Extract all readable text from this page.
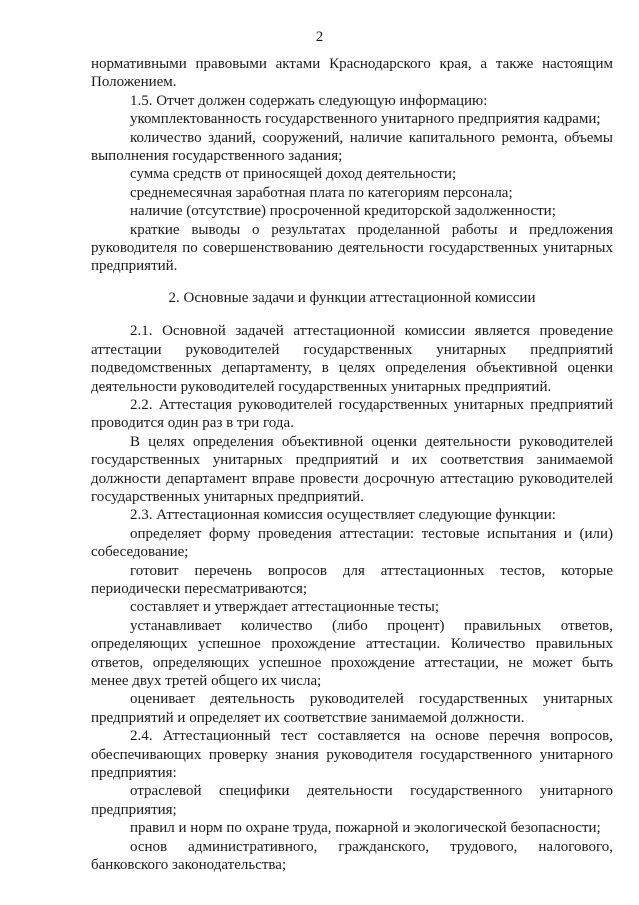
2

нормативными правовыми актами Краснодарского края, а также настоящим Положением.

1.5. Отчет должен содержать следующую информацию:

укомплектованность государственного унитарного предприятия кадрами;

количество зданий, сооружений, наличие капитального ремонта, объемы выполнения государственного задания;

сумма средств от приносящей доход деятельности;

среднемесячная заработная плата по категориям персонала;

наличие (отсутствие) просроченной кредиторской задолженности;

краткие выводы о результатах проделанной работы и предложения руководителя по совершенствованию деятельности государственных унитарных предприятий.

2. Основные задачи и функции аттестационной комиссии

2.1. Основной задачей аттестационной комиссии является проведение аттестации руководителей государственных унитарных предприятий подведомственных департаменту, в целях определения объективной оценки деятельности руководителей государственных унитарных предприятий.

2.2. Аттестация руководителей государственных унитарных предприятий проводится один раз в три года.

В целях определения объективной оценки деятельности руководителей государственных унитарных предприятий и их соответствия занимаемой должности департамент вправе провести досрочную аттестацию руководителей государственных унитарных предприятий.

2.3. Аттестационная комиссия осуществляет следующие функции:

определяет форму проведения аттестации: тестовые испытания и (или) собеседование;

готовит перечень вопросов для аттестационных тестов, которые периодически пересматриваются;

составляет и утверждает аттестационные тесты;

устанавливает количество (либо процент) правильных ответов, определяющих успешное прохождение аттестации. Количество правильных ответов, определяющих успешное прохождение аттестации, не может быть менее двух третей общего их числа;

оценивает деятельность руководителей государственных унитарных предприятий и определяет их соответствие занимаемой должности.

2.4. Аттестационный тест составляется на основе перечня вопросов, обеспечивающих проверку знания руководителя государственного унитарного предприятия:

отраслевой специфики деятельности государственного унитарного предприятия;

правил и норм по охране труда, пожарной и экологической безопасности;

основ административного, гражданского, трудового, налогового, банковского законодательства;
